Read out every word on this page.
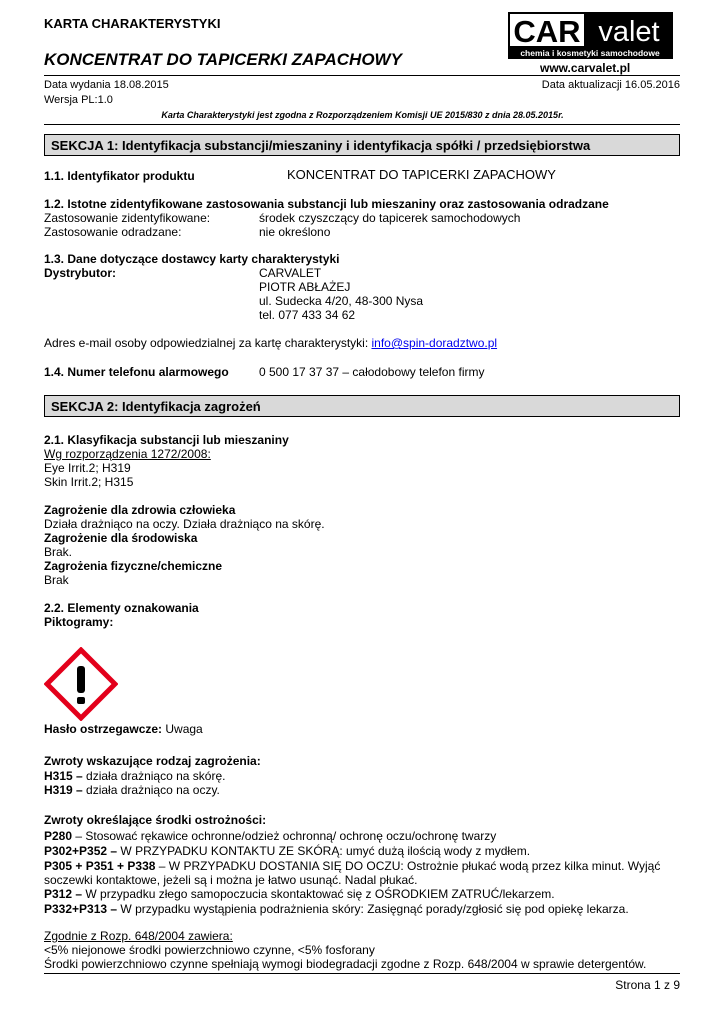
KARTA CHARAKTERYSTYKI
KONCENTRAT DO TAPICERKI ZAPACHOWY
CAR valet
chemia i kosmetyki samochodowe
www.carvalet.pl
Data wydania 18.08.2015	Data aktualizacji 16.05.2016
Wersja PL:1.0
Karta Charakterystyki jest zgodna z Rozporządzeniem Komisji UE 2015/830 z dnia 28.05.2015r.
SEKCJA 1: Identyfikacja substancji/mieszaniny i identyfikacja spółki / przedsiębiorstwa
1.1. Identyfikator produktu	KONCENTRAT DO TAPICERKI ZAPACHOWY
1.2. Istotne zidentyfikowane zastosowania substancji lub mieszaniny oraz zastosowania odradzane
Zastosowanie zidentyfikowane:	środek czyszczący do tapicerek samochodowych
Zastosowanie odradzane:	nie określono
1.3. Dane dotyczące dostawcy karty charakterystyki
Dystrybutor:	CARVALET
PIOTR ABŁAŻEJ
ul. Sudecka 4/20, 48-300 Nysa
tel. 077 433 34 62
Adres e-mail osoby odpowiedzialnej za kartę charakterystyki: info@spin-doradztwo.pl
1.4. Numer telefonu alarmowego	0 500 17 37 37 – całodobowy telefon firmy
SEKCJA 2: Identyfikacja zagrożeń
2.1. Klasyfikacja substancji lub mieszaniny
Wg rozporządzenia 1272/2008:
Eye Irrit.2; H319
Skin Irrit.2; H315
Zagrożenie dla zdrowia człowieka
Działa drażniąco na oczy. Działa drażniąco na skórę.
Zagrożenie dla środowiska
Brak.
Zagrożenia fizyczne/chemiczne
Brak
2.2. Elementy oznakowania
Piktogramy:
Hasło ostrzegawcze: Uwaga
Zwroty wskazujące rodzaj zagrożenia:
H315 – działa drażniąco na skórę.
H319 – działa drażniąco na oczy.
Zwroty określające środki ostrożności:
P280 – Stosować rękawice ochronne/odzież ochronną/ ochronę oczu/ochronę twarzy
P302+P352 – W PRZYPADKU KONTAKTU ZE SKÓRĄ: umyć dużą ilością wody z mydłem.
P305 + P351 + P338 – W PRZYPADKU DOSTANIA SIĘ DO OCZU: Ostrożnie płukać wodą przez kilka minut. Wyjąć
soczewki kontaktowe, jeżeli są i można je łatwo usunąć. Nadal płukać.
P312 – W przypadku złego samopoczucia skontaktować się z OŚRODKIEM ZATRUĆ/lekarzem.
P332+P313 – W przypadku wystąpienia podrażnienia skóry: Zasięgnąć porady/zgłosić się pod opiekę lekarza.
Zgodnie z Rozp. 648/2004 zawiera:
<5% niejonowe środki powierzchniowo czynne, <5% fosforany
Środki powierzchniowo czynne spełniają wymogi biodegradacji zgodne z Rozp. 648/2004 w sprawie detergentów.
Strona 1 z 9
